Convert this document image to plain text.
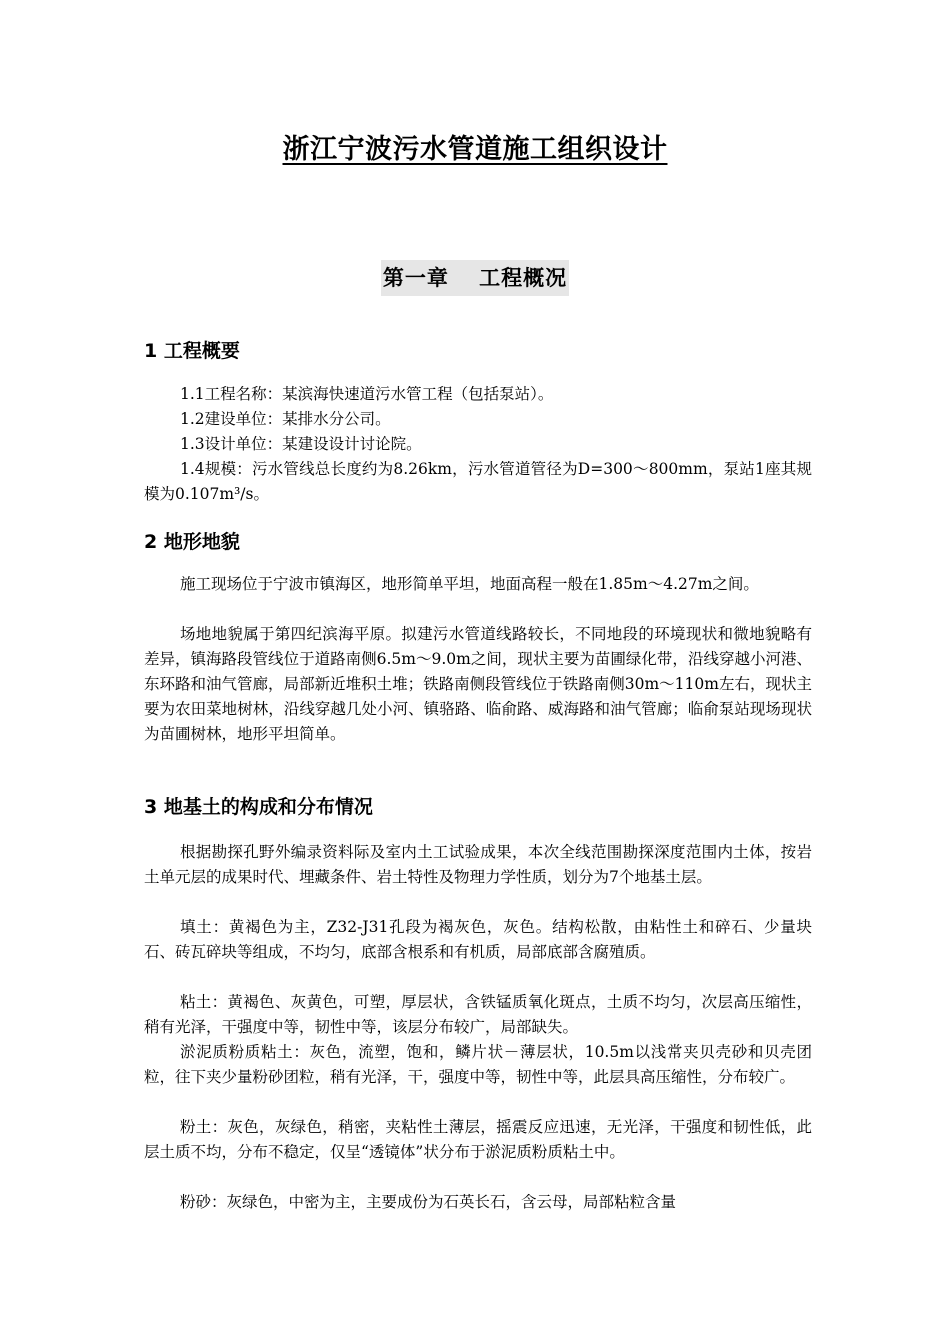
浙江宁波污水管道施工组织设计
第一章　 工程概况
1 工程概要
1.1工程名称：某滨海快速道污水管工程（包括泵站）。
1.2建设单位：某排水分公司。
1.3设计单位：某建设设计讨论院。
1.4规模：污水管线总长度约为8.26km，污水管道管径为D=300～800mm，泵站1座其规模为0.107m³/s。
2 地形地貌
施工现场位于宁波市镇海区，地形简单平坦，地面高程一般在1.85m～4.27m之间。
场地地貌属于第四纪滨海平原。拟建污水管道线路较长，不同地段的环境现状和微地貌略有差异，镇海路段管线位于道路南侧6.5m～9.0m之间，现状主要为苗圃绿化带，沿线穿越小河港、东环路和油气管廊，局部新近堆积土堆；铁路南侧段管线位于铁路南侧30m～110m左右，现状主要为农田菜地树林，沿线穿越几处小河、镇骆路、临俞路、威海路和油气管廊；临俞泵站现场现状为苗圃树林，地形平坦简单。
3 地基土的构成和分布情况
根据勘探孔野外编录资料际及室内土工试验成果，本次全线范围勘探深度范围内土体，按岩土单元层的成果时代、埋藏条件、岩土特性及物理力学性质，划分为7个地基土层。
填土：黄褐色为主，Z32-J31孔段为褐灰色，灰色。结构松散，由粘性土和碎石、少量块石、砖瓦碎块等组成，不均匀，底部含根系和有机质，局部底部含腐殖质。
粘土：黄褐色、灰黄色，可塑，厚层状，含铁锰质氧化斑点，土质不均匀，次层高压缩性，稍有光泽，干强度中等，韧性中等，该层分布较广，局部缺失。
淤泥质粉质粘土：灰色，流塑，饱和，鳞片状－薄层状，10.5m以浅常夹贝壳砂和贝壳团粒，往下夹少量粉砂团粒，稍有光泽，干，强度中等，韧性中等，此层具高压缩性，分布较广。
粉土：灰色，灰绿色，稍密，夹粘性土薄层，摇震反应迅速，无光泽，干强度和韧性低，此层土质不均，分布不稳定，仅呈“透镜体”状分布于淤泥质粉质粘土中。
粉砂：灰绿色，中密为主，主要成份为石英长石，含云母，局部粘粒含量
